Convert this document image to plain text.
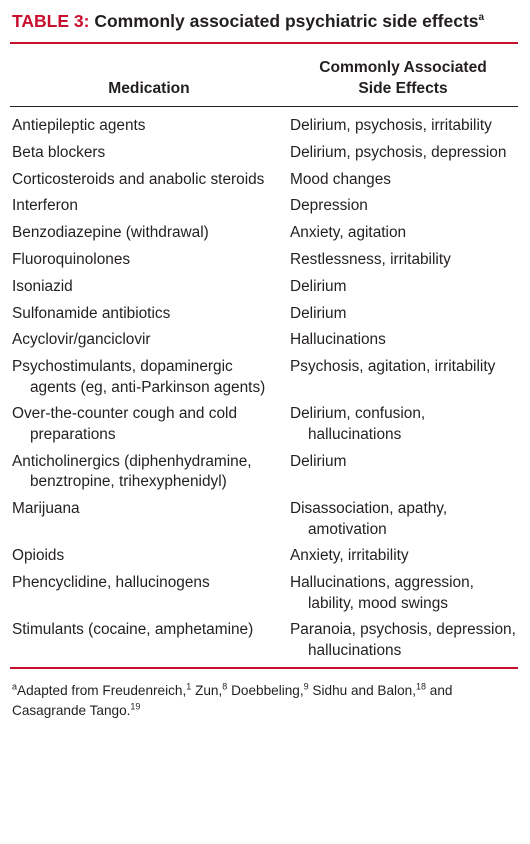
TABLE 3: Commonly associated psychiatric side effects$^a$
Medication	Commonly Associated
Side Effects

Antiepileptic agents	Delirium, psychosis, irritability

Beta blockers	Delirium, psychosis, depression

Corticosteroids and anabolic steroids	Mood changes

Interferon	Depression

Benzodiazepine (withdrawal)	Anxiety, agitation

Fluoroquinolones	Restlessness, irritability

Isoniazid	Delirium

Sulfonamide antibiotics	Delirium

Acyclovir/ganciclovir	Hallucinations

Psychostimulants, dopaminergic agents (eg, anti-Parkinson agents)	Psychosis, agitation, irritability

Over-the-counter cough and cold preparations	Delirium, confusion, hallucinations

Anticholinergics (diphenhydramine, benztropine, trihexyphenidyl)	Delirium

Marijuana	Disassociation, apathy, amotivation

Opioids	Anxiety, irritability

Phencyclidine, hallucinogens	Hallucinations, aggression, lability, mood swings

Stimulants (cocaine, amphetamine)	Paranoia, psychosis, depression, hallucinations
$^a$Adapted from Freudenreich,$^1$ Zun,$^8$ Doebbeling,$^9$ Sidhu and Balon,$^{18}$ and Casagrande Tango.$^{19}$
